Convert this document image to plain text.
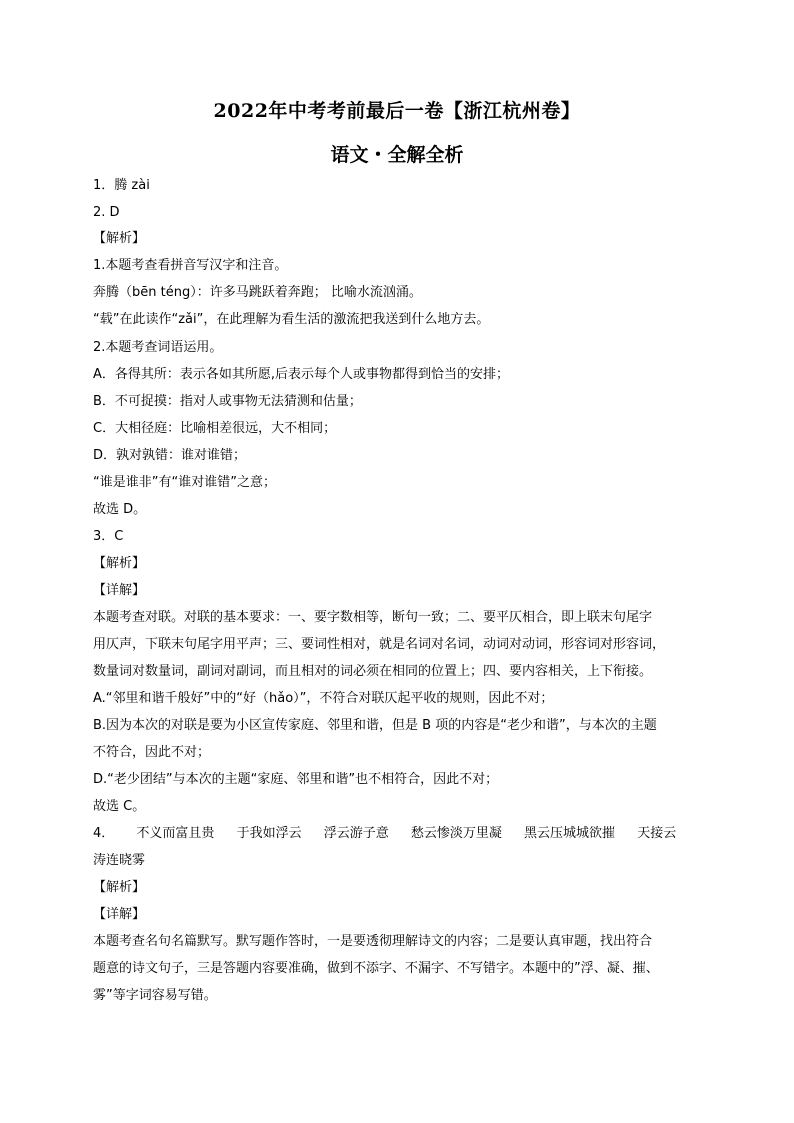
2022年中考考前最后一卷【浙江杭州卷】
语文・全解全析
1．腾 zài
2. D
【解析】
1.本题考查看拼音写汉字和注音。
奔腾（bēn téng）：许多马跳跃着奔跑； 比喻水流汹涌。
“载”在此读作“zǎi”，在此理解为看生活的激流把我送到什么地方去。
2.本题考查词语运用。
A．各得其所：表示各如其所愿,后表示每个人或事物都得到恰当的安排；
B．不可捉摸：指对人或事物无法猜测和估量；
C．大相径庭：比喻相差很远，大不相同；
D．孰对孰错：谁对谁错；
“谁是谁非”有“谁对谁错”之意；
故选 D。
3．C
【解析】
【详解】
本题考查对联。对联的基本要求：一、要字数相等，断句一致；二、要平仄相合，即上联末句尾字
用仄声，下联末句尾字用平声；三、要词性相对，就是名词对名词，动词对动词，形容词对形容词，
数量词对数量词，副词对副词，而且相对的词必须在相同的位置上；四、要内容相关，上下衔接。
A.“邻里和谐千般好”中的“好（hǎo）”，不符合对联仄起平收的规则，因此不对；
B.因为本次的对联是要为小区宣传家庭、邻里和谐，但是 B 项的内容是“老少和谐”，与本次的主题
不符合，因此不对；
D.“老少团结”与本次的主题“家庭、邻里和谐”也不相符合，因此不对；
故选 C。
4． 不义而富且贵 于我如浮云 浮云游子意 愁云惨淡万里凝 黑云压城城欲摧 天接云
涛连晓雾
【解析】
【详解】
本题考查名句名篇默写。默写题作答时，一是要透彻理解诗文的内容；二是要认真审题，找出符合
题意的诗文句子，三是答题内容要准确，做到不添字、不漏字、不写错字。本题中的”浮、凝、摧、
雾”等字词容易写错。
